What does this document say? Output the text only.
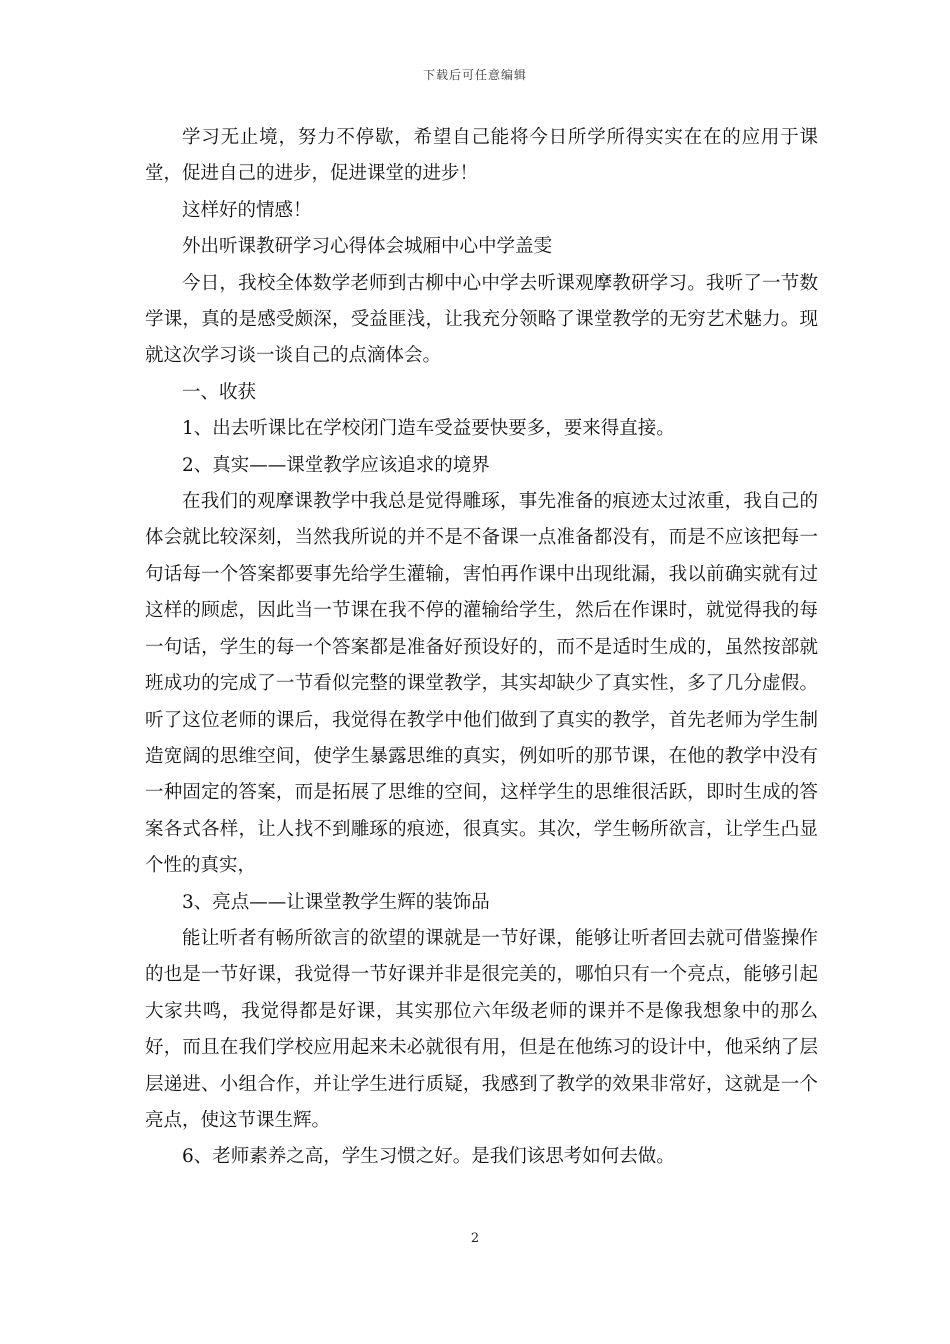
下载后可任意编辑

学习无止境，努力不停歇，希望自己能将今日所学所得实实在在的应用于课堂，促进自己的进步，促进课堂的进步！

这样好的情感！

外出听课教研学习心得体会城厢中心中学盖雯

今日，我校全体数学老师到古柳中心中学去听课观摩教研学习。我听了一节数学课，真的是感受颇深，受益匪浅，让我充分领略了课堂教学的无穷艺术魅力。现就这次学习谈一谈自己的点滴体会。

一、收获

1、出去听课比在学校闭门造车受益要快要多，要来得直接。

2、真实——课堂教学应该追求的境界

在我们的观摩课教学中我总是觉得雕琢，事先准备的痕迹太过浓重，我自己的体会就比较深刻，当然我所说的并不是不备课一点准备都没有，而是不应该把每一句话每一个答案都要事先给学生灌输，害怕再作课中出现纰漏，我以前确实就有过这样的顾虑，因此当一节课在我不停的灌输给学生，然后在作课时，就觉得我的每一句话，学生的每一个答案都是准备好预设好的，而不是适时生成的，虽然按部就班成功的完成了一节看似完整的课堂教学，其实却缺少了真实性，多了几分虚假。听了这位老师的课后，我觉得在教学中他们做到了真实的教学，首先老师为学生制造宽阔的思维空间，使学生暴露思维的真实，例如听的那节课，在他的教学中没有一种固定的答案，而是拓展了思维的空间，这样学生的思维很活跃，即时生成的答案各式各样，让人找不到雕琢的痕迹，很真实。其次，学生畅所欲言，让学生凸显个性的真实，

3、亮点——让课堂教学生辉的装饰品

能让听者有畅所欲言的欲望的课就是一节好课，能够让听者回去就可借鉴操作的也是一节好课，我觉得一节好课并非是很完美的，哪怕只有一个亮点，能够引起大家共鸣，我觉得都是好课，其实那位六年级老师的课并不是像我想象中的那么好，而且在我们学校应用起来未必就很有用，但是在他练习的设计中，他采纳了层层递进、小组合作，并让学生进行质疑，我感到了教学的效果非常好，这就是一个亮点，使这节课生辉。

6、老师素养之高，学生习惯之好。是我们该思考如何去做。

2
